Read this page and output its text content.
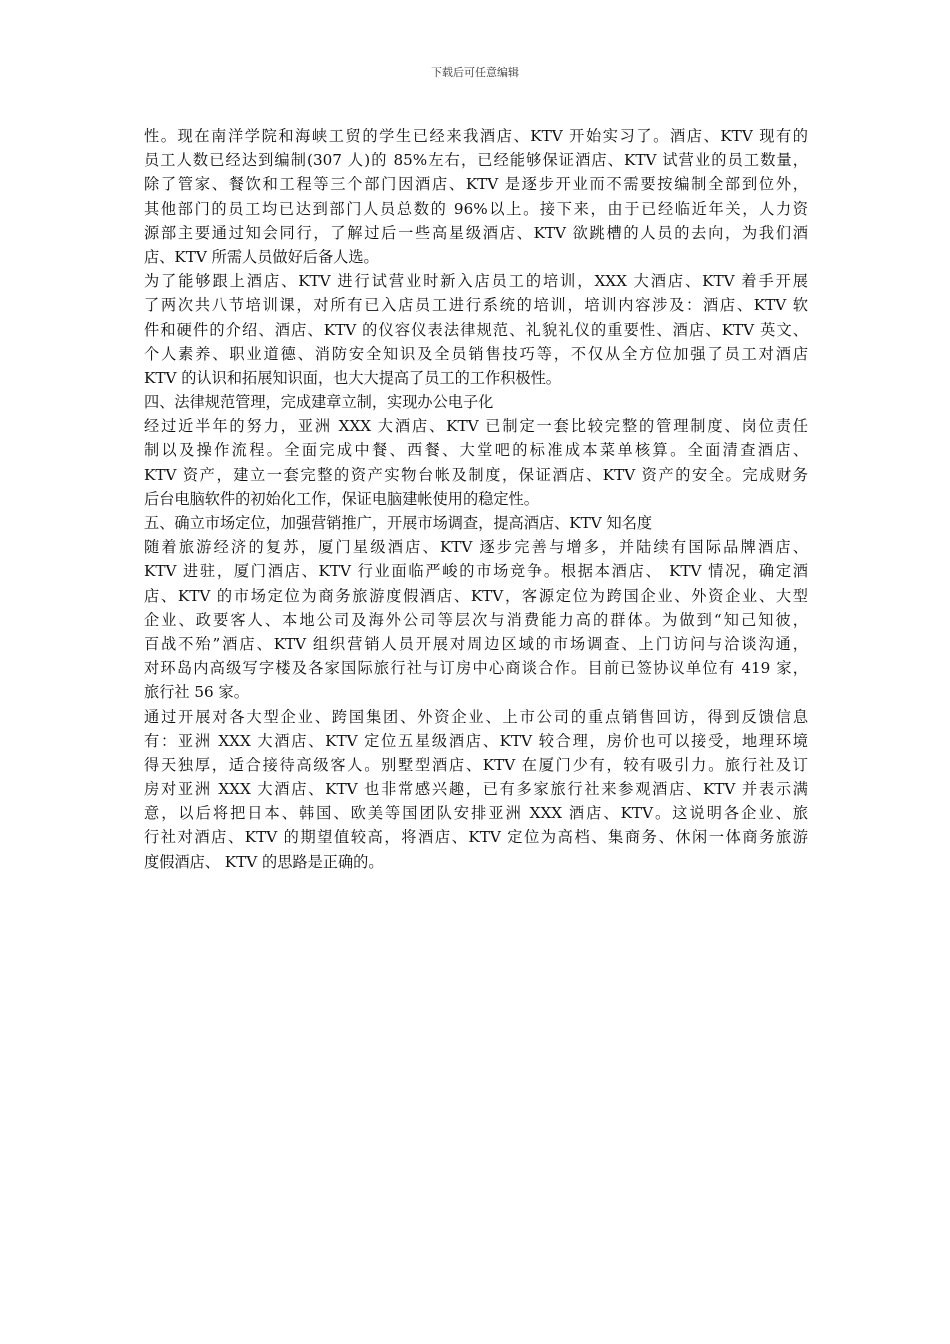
下载后可任意编辑
性。现在南洋学院和海峡工贸的学生已经来我酒店、KTV 开始实习了。酒店、KTV 现有的
员工人数已经达到编制(307 人)的 85%左右，已经能够保证酒店、KTV 试营业的员工数量，
除了管家、餐饮和工程等三个部门因酒店、KTV 是逐步开业而不需要按编制全部到位外，
其他部门的员工均已达到部门人员总数的 96%以上。接下来，由于已经临近年关，人力资
源部主要通过知会同行，了解过后一些高星级酒店、KTV 欲跳槽的人员的去向，为我们酒
店、KTV 所需人员做好后备人选。
为了能够跟上酒店、KTV 进行试营业时新入店员工的培训，XXX 大酒店、KTV 着手开展
了两次共八节培训课，对所有已入店员工进行系统的培训，培训内容涉及：酒店、KTV 软
件和硬件的介绍、酒店、KTV 的仪容仪表法律规范、礼貌礼仪的重要性、酒店、KTV 英文、
个人素养、职业道德、消防安全知识及全员销售技巧等，不仅从全方位加强了员工对酒店
KTV 的认识和拓展知识面，也大大提高了员工的工作积极性。
四、法律规范管理，完成建章立制，实现办公电子化
经过近半年的努力，亚洲 XXX 大酒店、KTV 已制定一套比较完整的管理制度、岗位责任
制以及操作流程。全面完成中餐、西餐、大堂吧的标准成本菜单核算。全面清查酒店、
KTV 资产，建立一套完整的资产实物台帐及制度，保证酒店、KTV 资产的安全。完成财务
后台电脑软件的初始化工作，保证电脑建帐使用的稳定性。
五、确立市场定位，加强营销推广，开展市场调查，提高酒店、KTV 知名度
随着旅游经济的复苏，厦门星级酒店、KTV 逐步完善与增多，并陆续有国际品牌酒店、
KTV 进驻，厦门酒店、KTV 行业面临严峻的市场竞争。根据本酒店、 KTV 情况，确定酒
店、KTV 的市场定位为商务旅游度假酒店、KTV，客源定位为跨国企业、外资企业、大型
企业、政要客人、本地公司及海外公司等层次与消费能力高的群体。为做到“知己知彼，
百战不殆”酒店、KTV 组织营销人员开展对周边区域的市场调查、上门访问与洽谈沟通，
对环岛内高级写字楼及各家国际旅行社与订房中心商谈合作。目前已签协议单位有 419 家，
旅行社 56 家。
通过开展对各大型企业、跨国集团、外资企业、上市公司的重点销售回访，得到反馈信息
有：亚洲 XXX 大酒店、KTV 定位五星级酒店、KTV 较合理，房价也可以接受，地理环境
得天独厚，适合接待高级客人。别墅型酒店、KTV 在厦门少有，较有吸引力。旅行社及订
房对亚洲 XXX 大酒店、KTV 也非常感兴趣，已有多家旅行社来参观酒店、KTV 并表示满
意，以后将把日本、韩国、欧美等国团队安排亚洲 XXX 酒店、KTV。这说明各企业、旅
行社对酒店、KTV 的期望值较高，将酒店、KTV 定位为高档、集商务、休闲一体商务旅游
度假酒店、 KTV 的思路是正确的。
